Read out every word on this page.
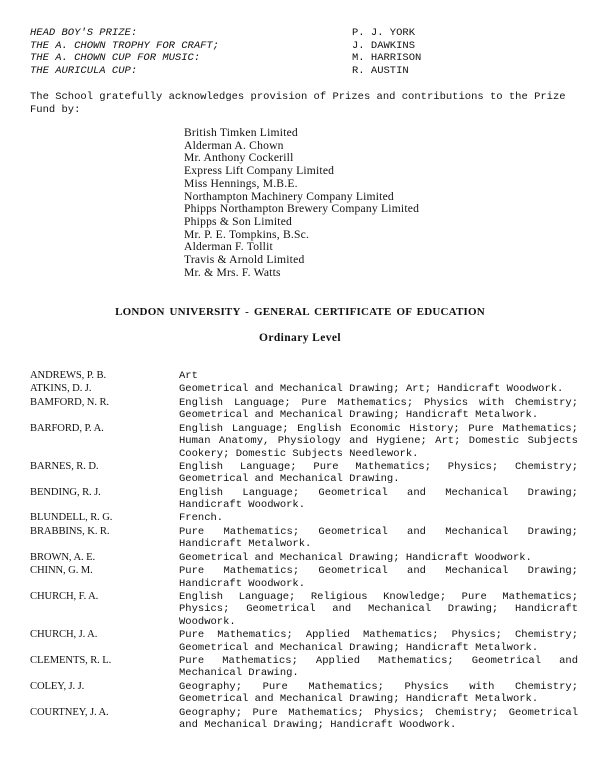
HEAD BOY'S PRIZE:	P. J. YORK
THE A. CHOWN TROPHY FOR CRAFT;	J. DAWKINS
THE A. CHOWN CUP FOR MUSIC:	M. HARRISON
THE AURICULA CUP:	R. AUSTIN
The School gratefully acknowledges provision of Prizes and contributions to the Prize Fund by:
British Timken Limited
Alderman A. Chown
Mr. Anthony Cockerill
Express Lift Company Limited
Miss Hennings, M.B.E.
Northampton Machinery Company Limited
Phipps Northampton Brewery Company Limited
Phipps & Son Limited
Mr. P. E. Tompkins, B.Sc.
Alderman F. Tollit
Travis & Arnold Limited
Mr. & Mrs. F. Watts
LONDON UNIVERSITY - GENERAL CERTIFICATE OF EDUCATION
Ordinary Level
ANDREWS, P. B.	Art
ATKINS, D. J.	Geometrical and Mechanical Drawing; Art; Handicraft Woodwork.
BAMFORD, N. R.	English Language; Pure Mathematics; Physics with Chemistry; Geometrical and Mechanical Drawing; Handicraft Metalwork.
BARFORD, P. A.	English Language; English Economic History; Pure Mathematics; Human Anatomy, Physiology and Hygiene; Art; Domestic Subjects Cookery; Domestic Subjects Needlework.
BARNES, R. D.	English Language; Pure Mathematics; Physics; Chemistry; Geometrical and Mechanical Drawing.
BENDING, R. J.	English Language; Geometrical and Mechanical Drawing; Handicraft Woodwork.
BLUNDELL, R. G.	French.
BRABBINS, K. R.	Pure Mathematics; Geometrical and Mechanical Drawing; Handicraft Metalwork.
BROWN, A. E.	Geometrical and Mechanical Drawing; Handicraft Woodwork.
CHINN, G. M.	Pure Mathematics; Geometrical and Mechanical Drawing; Handicraft Woodwork.
CHURCH, F. A.	English Language; Religious Knowledge; Pure Mathematics; Physics; Geometrical and Mechanical Drawing; Handicraft Woodwork.
CHURCH, J. A.	Pure Mathematics; Applied Mathematics; Physics; Chemistry; Geometrical and Mechanical Drawing; Handicraft Metalwork.
CLEMENTS, R. L.	Pure Mathematics; Applied Mathematics; Geometrical and Mechanical Drawing.
COLEY, J. J.	Geography; Pure Mathematics; Physics with Chemistry; Geometrical and Mechanical Drawing; Handicraft Metalwork.
COURTNEY, J. A.	Geography; Pure Mathematics; Physics; Chemistry; Geometrical and Mechanical Drawing; Handicraft Woodwork.
